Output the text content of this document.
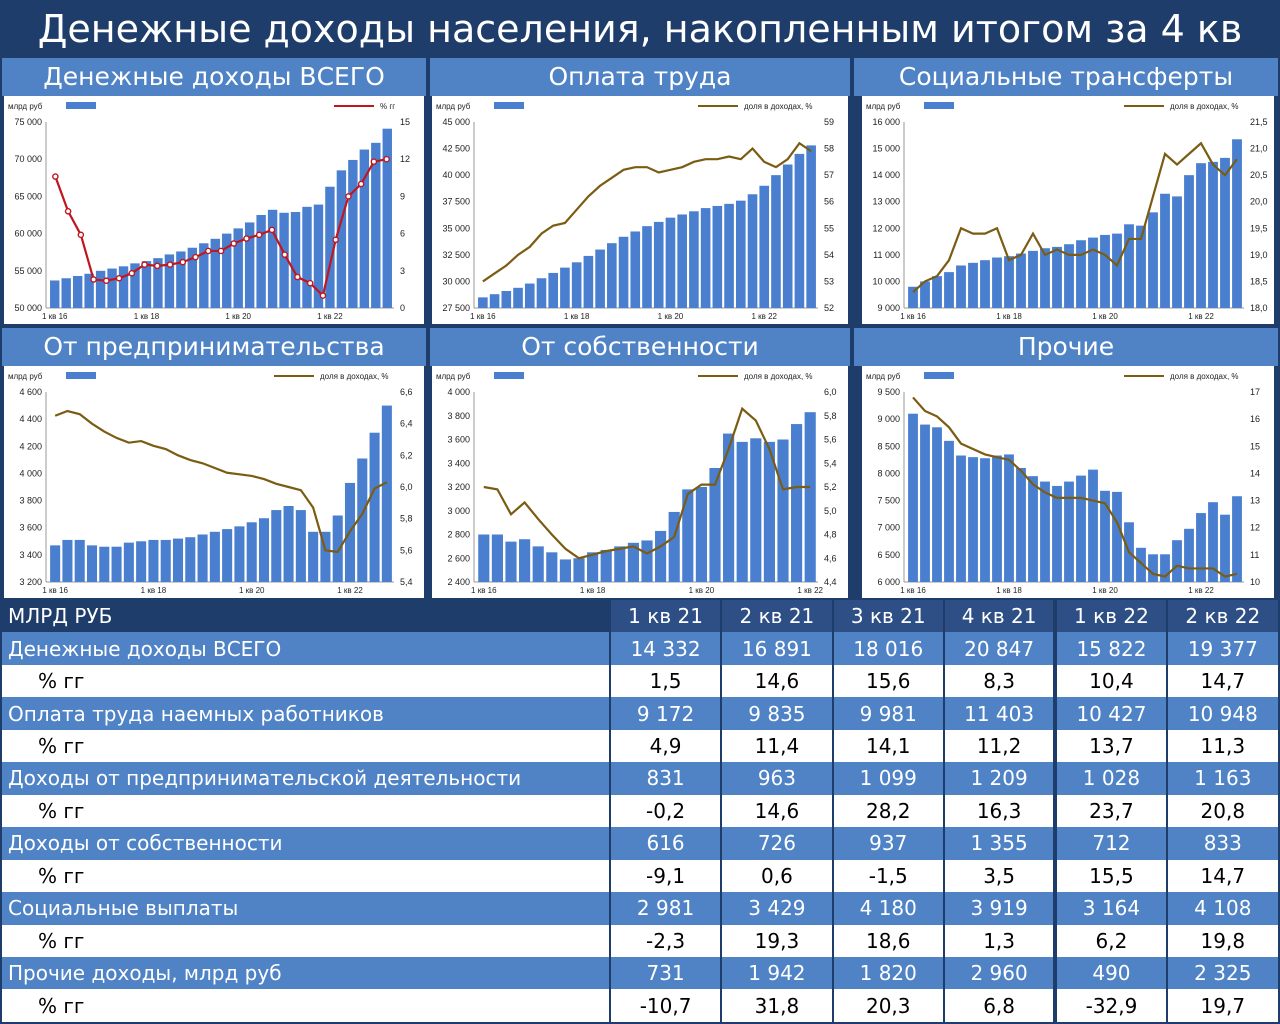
Денежные доходы населения, накопленным итогом за 4 кв
Денежные доходы ВСЕГО	Оплата труда	Социальные трансферты
От предпринимательства	От собственности	Прочие
млрд руб	% гг
75 000
70 000
65 000
60 000
55 000
50 000
15
12
9
6
3
0
1 кв 16	1 кв 18	1 кв 20	1 кв 22
млрд руб	доля в доходах, %
45 000
42 500
40 000
37 500
35 000
32 500
30 000
27 500
59
58
57
56
55
54
53
52
1 кв 16	1 кв 18	1 кв 20	1 кв 22
млрд руб	доля в доходах, %
16 000
15 000
14 000
13 000
12 000
11 000
10 000
9 000
21,5
21,0
20,5
20,0
19,5
19,0
18,5
18,0
1 кв 16	1 кв 18	1 кв 20	1 кв 22
млрд руб	доля в доходах, %
4 600
4 400
4 200
4 000
3 800
3 600
3 400
3 200
6,6
6,4
6,2
6,0
5,8
5,6
5,4
1 кв 16	1 кв 18	1 кв 20	1 кв 22
млрд руб	доля в доходах, %
4 000
3 800
3 600
3 400
3 200
3 000
2 800
2 600
2 400
6,0
5,8
5,6
5,4
5,2
5,0
4,8
4,6
4,4
1 кв 16	1 кв 18	1 кв 20	1 кв 22
млрд руб	доля в доходах, %
9 500
9 000
8 500
8 000
7 500
7 000
6 500
6 000
17
16
15
14
13
12
11
10
1 кв 16	1 кв 18	1 кв 20	1 кв 22
МЛРД РУБ	1 кв 21	2 кв 21	3 кв 21	4 кв 21	1 кв 22	2 кв 22
Денежные доходы ВСЕГО	14 332	16 891	18 016	20 847	15 822	19 377
% гг	1,5	14,6	15,6	8,3	10,4	14,7
Оплата труда наемных работников	9 172	9 835	9 981	11 403	10 427	10 948
% гг	4,9	11,4	14,1	11,2	13,7	11,3
Доходы от предпринимательской деятельности	831	963	1 099	1 209	1 028	1 163
% гг	-0,2	14,6	28,2	16,3	23,7	20,8
Доходы от собственности	616	726	937	1 355	712	833
% гг	-9,1	0,6	-1,5	3,5	15,5	14,7
Социальные выплаты	2 981	3 429	4 180	3 919	3 164	4 108
% гг	-2,3	19,3	18,6	1,3	6,2	19,8
Прочие доходы, млрд руб	731	1 942	1 820	2 960	490	2 325
% гг	-10,7	31,8	20,3	6,8	-32,9	19,7
